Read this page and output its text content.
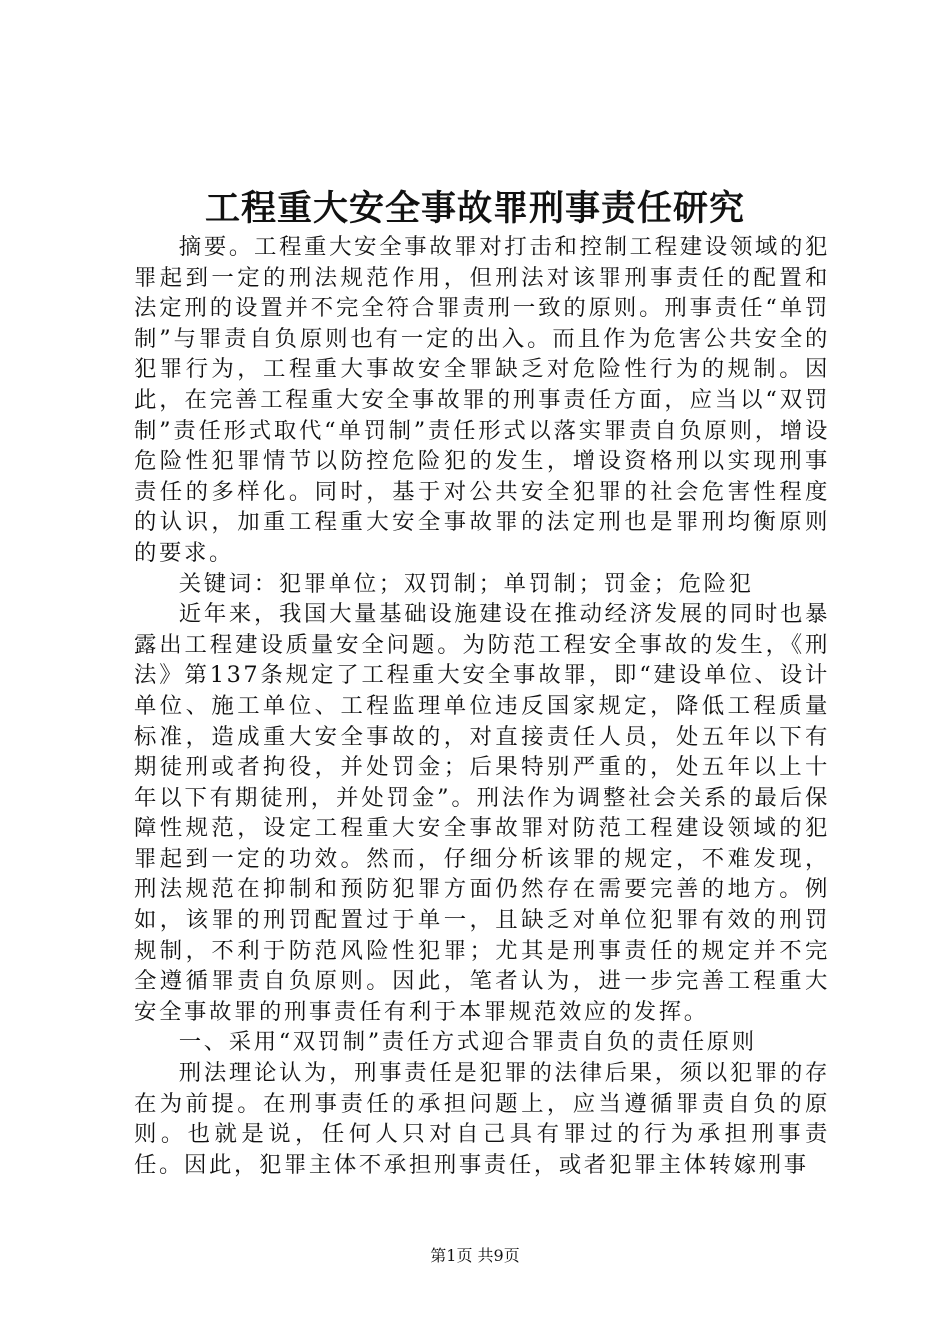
工程重大安全事故罪刑事责任研究

摘要。工程重大安全事故罪对打击和控制工程建设领域的犯罪起到一定的刑法规范作用，但刑法对该罪刑事责任的配置和法定刑的设置并不完全符合罪责刑一致的原则。刑事责任“单罚制”与罪责自负原则也有一定的出入。而且作为危害公共安全的犯罪行为，工程重大事故安全罪缺乏对危险性行为的规制。因此，在完善工程重大安全事故罪的刑事责任方面，应当以“双罚制”责任形式取代“单罚制”责任形式以落实罪责自负原则，增设危险性犯罪情节以防控危险犯的发生，增设资格刑以实现刑事责任的多样化。同时，基于对公共安全犯罪的社会危害性程度的认识，加重工程重大安全事故罪的法定刑也是罪刑均衡原则的要求。

关键词：犯罪单位；双罚制；单罚制；罚金；危险犯

近年来，我国大量基础设施建设在推动经济发展的同时也暴露出工程建设质量安全问题。为防范工程安全事故的发生，《刑法》第137条规定了工程重大安全事故罪，即“建设单位、设计单位、施工单位、工程监理单位违反国家规定，降低工程质量标准，造成重大安全事故的，对直接责任人员，处五年以下有期徒刑或者拘役，并处罚金；后果特别严重的，处五年以上十年以下有期徒刑，并处罚金”。刑法作为调整社会关系的最后保障性规范，设定工程重大安全事故罪对防范工程建设领域的犯罪起到一定的功效。然而，仔细分析该罪的规定，不难发现，刑法规范在抑制和预防犯罪方面仍然存在需要完善的地方。例如，该罪的刑罚配置过于单一，且缺乏对单位犯罪有效的刑罚规制，不利于防范风险性犯罪；尤其是刑事责任的规定并不完全遵循罪责自负原则。因此，笔者认为，进一步完善工程重大安全事故罪的刑事责任有利于本罪规范效应的发挥。

一、采用“双罚制”责任方式迎合罪责自负的责任原则

刑法理论认为，刑事责任是犯罪的法律后果，须以犯罪的存在为前提。在刑事责任的承担问题上，应当遵循罪责自负的原则。也就是说，任何人只对自己具有罪过的行为承担刑事责任。因此，犯罪主体不承担刑事责任，或者犯罪主体转嫁刑事

第1页 共9页
